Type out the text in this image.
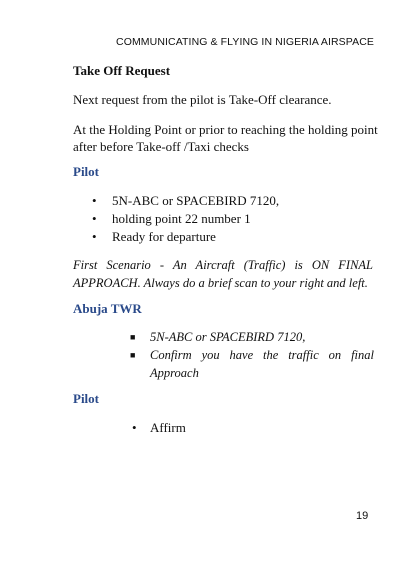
COMMUNICATING & FLYING IN NIGERIA AIRSPACE
Take Off Request
Next request from the pilot is Take-Off clearance.
At the Holding Point or prior to reaching the holding point after before Take-off /Taxi checks
Pilot
• 5N-ABC or SPACEBIRD 7120,
• holding point 22 number 1
• Ready for departure
First Scenario - An Aircraft (Traffic) is ON FINAL APPROACH. Always do a brief scan to your right and left.
Abuja TWR
■ 5N-ABC or SPACEBIRD 7120,
■ Confirm you have the traffic on final Approach
Pilot
• Affirm
19
